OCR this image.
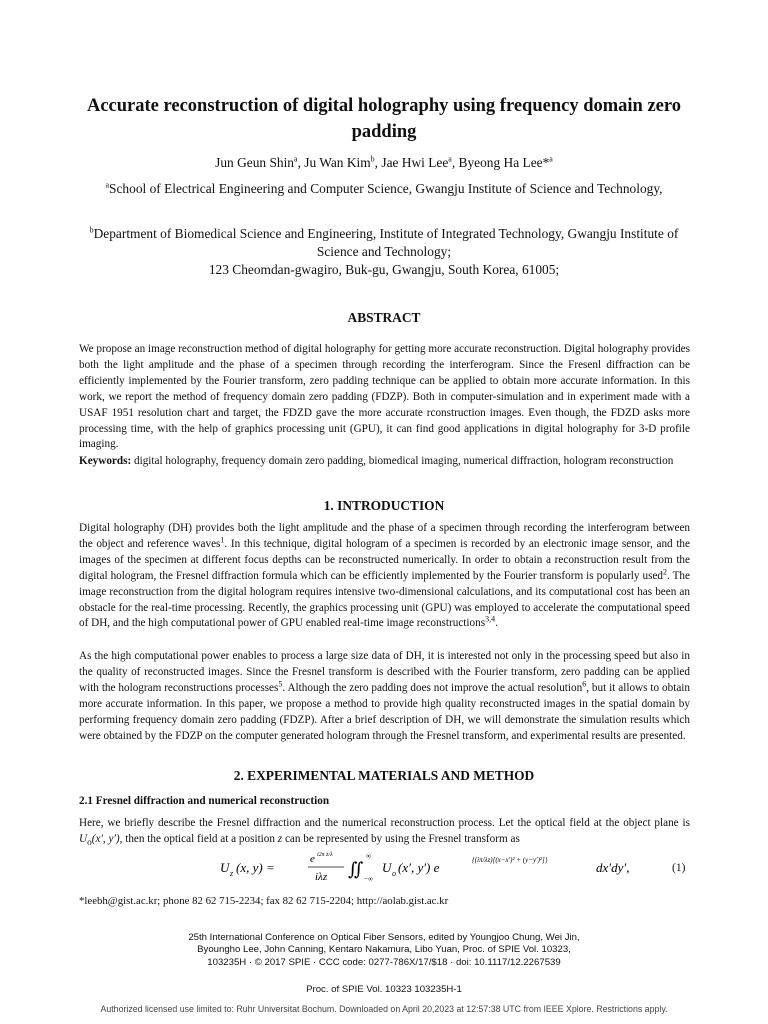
Accurate reconstruction of digital holography using frequency domain zero padding
Jun Geun Shin$^a$, Ju Wan Kim$^b$, Jae Hwi Lee$^a$, Byeong Ha Lee*$^a$
$^a$School of Electrical Engineering and Computer Science, Gwangju Institute of Science and Technology,
$^b$Department of Biomedical Science and Engineering, Institute of Integrated Technology, Gwangju Institute of Science and Technology;
123 Cheomdan-gwagiro, Buk-gu, Gwangju, South Korea, 61005;
ABSTRACT
We propose an image reconstruction method of digital holography for getting more accurate reconstruction. Digital holography provides both the light amplitude and the phase of a specimen through recording the interferogram. Since the Fresenl diffraction can be efficiently implemented by the Fourier transform, zero padding technique can be applied to obtain more accurate information. In this work, we report the method of frequency domain zero padding (FDZP). Both in computer-simulation and in experiment made with a USAF 1951 resolution chart and target, the FDZD gave the more accurate rconstruction images. Even though, the FDZD asks more processing time, with the help of graphics processing unit (GPU), it can find good applications in digital holography for 3-D profile imaging.
Keywords: digital holography, frequency domain zero padding, biomedical imaging, numerical diffraction, hologram reconstruction
1. INTRODUCTION
Digital holography (DH) provides both the light amplitude and the phase of a specimen through recording the interferogram between the object and reference waves$^1$. In this technique, digital hologram of a specimen is recorded by an electronic image sensor, and the images of the specimen at different focus depths can be reconstructed numerically. In order to obtain a reconstruction result from the digital hologram, the Fresnel diffraction formula which can be efficiently implemented by the Fourier transform is popularly used$^2$. The image reconstruction from the digital hologram requires intensive two-dimensional calculations, and its computational cost has been an obstacle for the real-time processing. Recently, the graphics processing unit (GPU) was employed to accelerate the computational speed of DH, and the high computational power of GPU enabled real-time image reconstructions$^{3,4}$.
As the high computational power enables to process a large size data of DH, it is interested not only in the processing speed but also in the quality of reconstructed images. Since the Fresnel transform is described with the Fourier transform, zero padding can be applied with the hologram reconstructions processes$^5$. Although the zero padding does not improve the actual resolution$^6$, but it allows to obtain more accurate information. In this paper, we propose a method to provide high quality reconstructed images in the spatial domain by performing frequency domain zero padding (FDZP). After a brief description of DH, we will demonstrate the simulation results which were obtained by the FDZP on the computer generated hologram through the Fresnel transform, and experimental results are presented.
2. EXPERIMENTAL MATERIALS AND METHOD
2.1 Fresnel diffraction and numerical reconstruction
Here, we briefly describe the Fresnel diffraction and the numerical reconstruction process. Let the optical field at the object plane is $U_o(x'$, y′), then the optical field at a position z can be represented by using the Fresnel transform as
U z (x, y) =
e i2π z/λ
iλz ∬
∞
−∞
U o (x′, y′) e	{(iπ/λz)[(x−x′)² + (y−y′)²]}	dx′dy′,	(1)
*leebh@gist.ac.kr; phone 82 62 715-2234; fax 82 62 715-2204; http://aolab.gist.ac.kr
25th International Conference on Optical Fiber Sensors, edited by Youngjoo Chung, Wei Jin,
Byoungho Lee, John Canning, Kentaro Nakamura, Libo Yuan, Proc. of SPIE Vol. 10323,
103235H · © 2017 SPIE · CCC code: 0277-786X/17/$18 · doi: 10.1117/12.2267539
Proc. of SPIE Vol. 10323 103235H-1
Authorized licensed use limited to: Ruhr Universitat Bochum. Downloaded on April 20,2023 at 12:57:38 UTC from IEEE Xplore. Restrictions apply.
